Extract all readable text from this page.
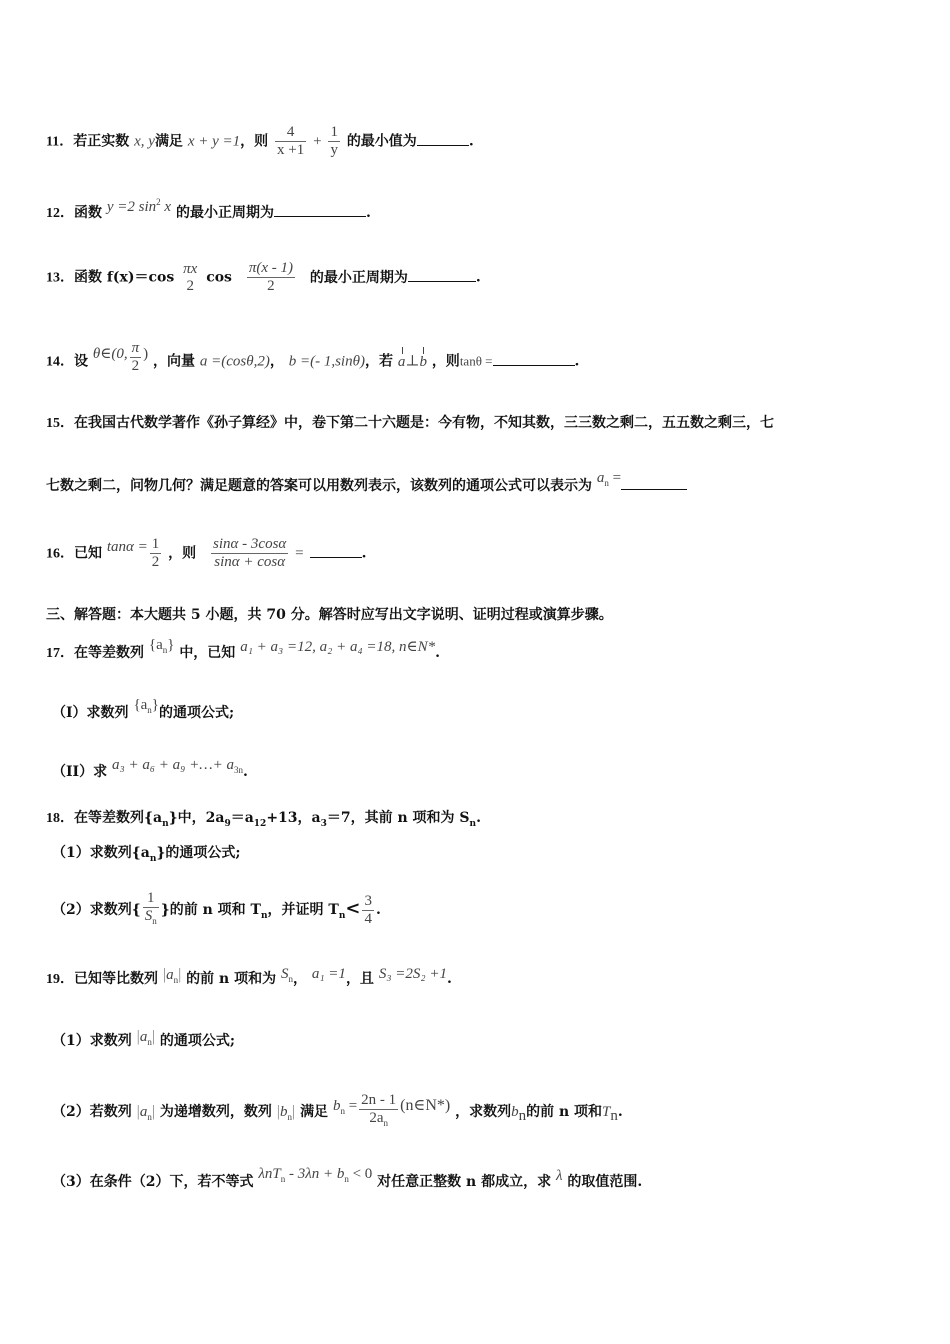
11．若正实数 x, y满足 x + y =1，则 $\frac{4}{x +1} + \frac{1}{y}$ 的最小值为	.
12．函数 y =2 $\sin^2 x$ 的最小正周期为	.
13．函数 f(x)＝cos
πx
2 $\cos \frac{\pi(x - 1)}{2}$ 的最小正周期为	.
14．设 θ∈(0, $\frac{\pi}{2}$ ) ，向量 a =(cosθ,2)， b =(- 1,sinθ)，若 a⊥b ，则tanθ =	.
15．在我国古代数学著作《孙子算经》中，卷下第二十六题是：今有物，不知其数，三三数之剩二，五五数之剩三，七
七数之剩二，问物几何？满足题意的答案可以用数列表示，该数列的通项公式可以表示为 $a_n$ =
16．已知 $\tan\alpha = \frac{1}{2}$ ，则 $\frac{\sin\alpha - 3\cos\alpha}{\sin\alpha + \cos\alpha}$ =	.
三、解答题：本大题共 5 小题，共 70 分。解答时应写出文字说明、证明过程或演算步骤。
17．在等差数列 $\{a_n\}$ 中，已知 a₁ + a₃ =12, a₂ + a₄ =18, n∈N*.
（I）求数列 $\{a_n\}$的通项公式;
（II）求 a₃ + a₆ + a₉ +…+ $a_{3n}$.
18．在等差数列$\{a_n\}$中，$2a_9=a_{12}+13$，$a_3=7$，其前 n 项和为 $S_n$.
（1）求数列$\{a_n\}$的通项公式;
（2）求数列{ $\frac{1}{S_n}$ }的前 n 项和 $T_n$，并证明 $T_n< \frac{3}{4}$ .
19．已知等比数列 $|a_n|$ 的前 n 项和为 $S_n$， a₁ =1，且 S₃ =2S₂ +1.
（1）求数列 $|a_n|$ 的通项公式;
（2）若数列 $|a_n|$ 为递增数列，数列 $|b_n|$ 满足 $b_n = \frac{2n - 1}{2a_n}$ (n∈N*) ，求数列$b_n$的前 n 项和$T_n$.
（3）在条件（2）下，若不等式 $\lambda nT_n - 3\lambda n + b_n < 0$ 对任意正整数 n 都成立，求 λ 的取值范围.
